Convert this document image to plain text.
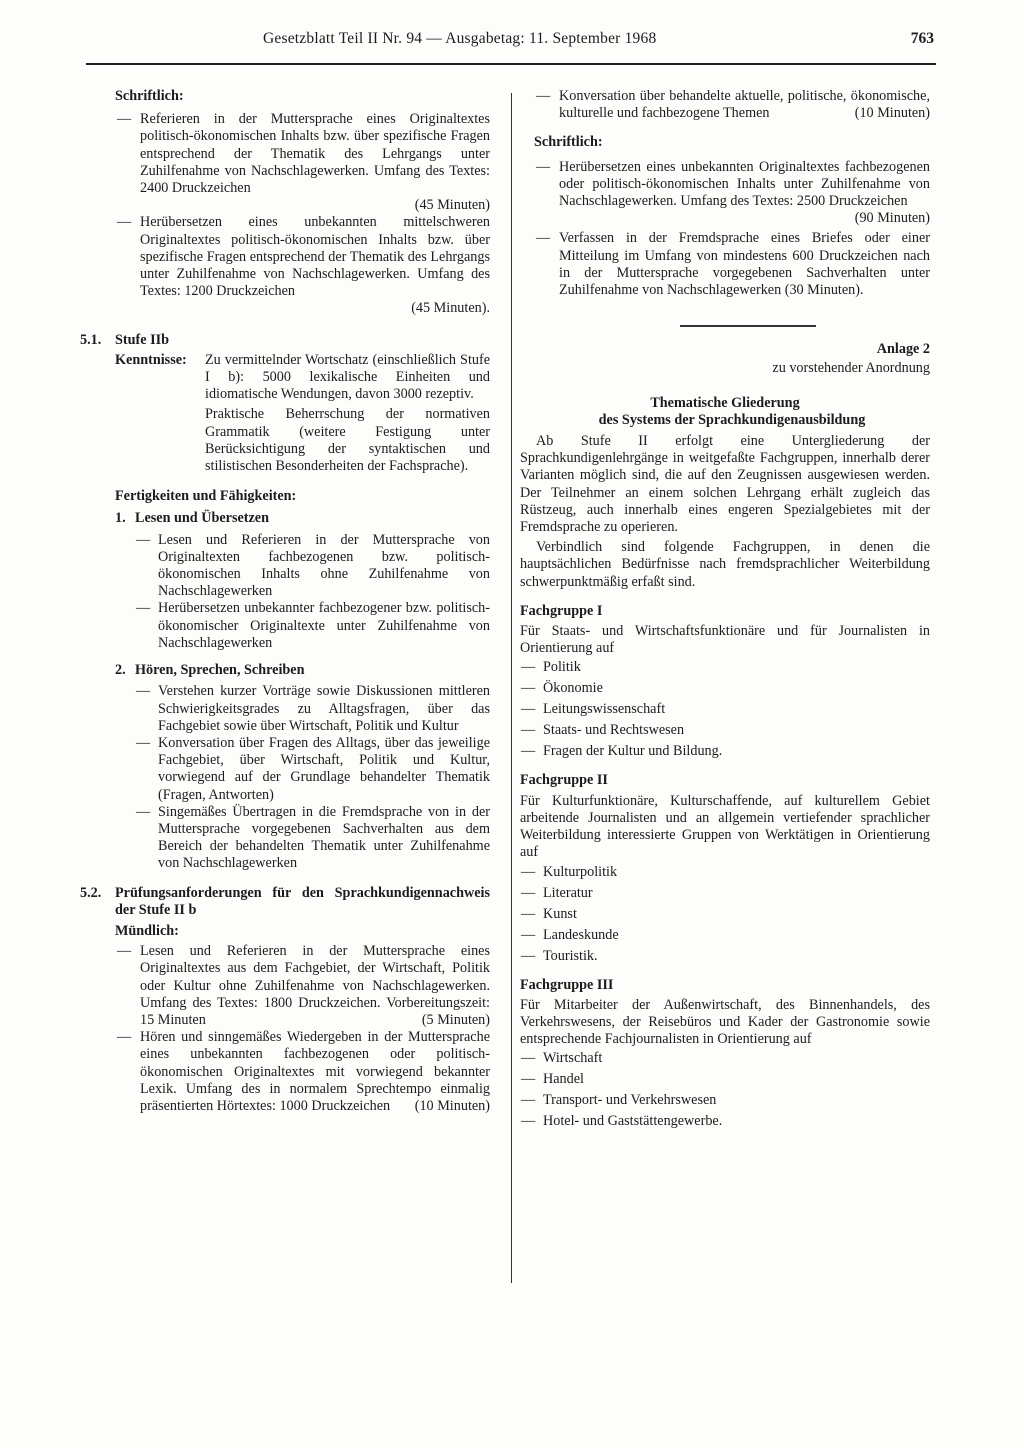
Gesetzblatt Teil II Nr. 94 — Ausgabetag: 11. September 1968	763

Schriftlich:

— Referieren in der Muttersprache eines Originaltextes politisch-ökonomischen Inhalts bzw. über spezifische Fragen entsprechend der Thematik des Lehrgangs unter Zuhilfenahme von Nachschlagewerken. Umfang des Textes: 2400 Druckzeichen
(45 Minuten)
— Herübersetzen eines unbekannten mittelschweren Originaltextes politisch-ökonomischen Inhalts bzw. über spezifische Fragen entsprechend der Thematik des Lehrgangs unter Zuhilfenahme von Nachschlagewerken. Umfang des Textes: 1200 Druckzeichen
(45 Minuten).
5.1. Stufe IIb
Kenntnisse:	Zu vermittelnder Wortschatz (einschließlich Stufe I b): 5000 lexikalische Einheiten und idiomatische Wendungen, davon 3000 rezeptiv.
Praktische Beherrschung der normativen Grammatik (weitere Festigung unter Berücksichtigung der syntaktischen und stilistischen Besonderheiten der Fachsprache).

Fertigkeiten und Fähigkeiten:

1. Lesen und Übersetzen
— Lesen und Referieren in der Muttersprache von Originaltexten fachbezogenen bzw. politisch-ökonomischen Inhalts ohne Zuhilfenahme von Nachschlagewerken
— Herübersetzen unbekannter fachbezogener bzw. politisch-ökonomischer Originaltexte unter Zuhilfenahme von Nachschlagewerken
2. Hören, Sprechen, Schreiben
— Verstehen kurzer Vorträge sowie Diskussionen mittleren Schwierigkeitsgrades zu Alltagsfragen, über das Fachgebiet sowie über Wirtschaft, Politik und Kultur
— Konversation über Fragen des Alltags, über das jeweilige Fachgebiet, über Wirtschaft, Politik und Kultur, vorwiegend auf der Grundlage behandelter Thematik (Fragen, Antworten)
— Singemäßes Übertragen in die Fremdsprache von in der Muttersprache vorgegebenen Sachverhalten aus dem Bereich der behandelten Thematik unter Zuhilfenahme von Nachschlagewerken
5.2. Prüfungsanforderungen für den Sprachkundigennachweis der Stufe II b

Mündlich:

— Lesen und Referieren in der Muttersprache eines Originaltextes aus dem Fachgebiet, der Wirtschaft, Politik oder Kultur ohne Zuhilfenahme von Nachschlagewerken. Umfang des Textes: 1800 Druckzeichen. Vorbereitungszeit: 15 Minuten	(5 Minuten)
— Hören und sinngemäßes Wiedergeben in der Muttersprache eines unbekannten fachbezogenen oder politisch-ökonomischen Originaltextes mit vorwiegend bekannter Lexik. Umfang des in normalem Sprechtempo einmalig präsentierten Hörtextes: 1000 Druckzeichen (10 Minuten)
— Konversation über behandelte aktuelle, politische, ökonomische, kulturelle und fachbezogene Themen	(10 Minuten)

Schriftlich:

— Herübersetzen eines unbekannten Originaltextes fachbezogenen oder politisch-ökonomischen Inhalts unter Zuhilfenahme von Nachschlagewerken. Umfang des Textes: 2500 Druckzeichen
(90 Minuten)
— Verfassen in der Fremdsprache eines Briefes oder einer Mitteilung im Umfang von mindestens 600 Druckzeichen nach in der Muttersprache vorgegebenen Sachverhalten unter Zuhilfenahme von Nachschlagewerken (30 Minuten).
Anlage 2
zu vorstehender Anordnung
Thematische Gliederung
des Systems der Sprachkundigenausbildung
Ab Stufe II erfolgt eine Untergliederung der Sprachkundigenlehrgänge in weitgefaßte Fachgruppen, innerhalb derer Varianten möglich sind, die auf den Zeugnissen ausgewiesen werden. Der Teilnehmer an einem solchen Lehrgang erhält zugleich das Rüstzeug, auch innerhalb eines engeren Spezialgebietes mit der Fremdsprache zu operieren.
Verbindlich sind folgende Fachgruppen, in denen die hauptsächlichen Bedürfnisse nach fremdsprachlicher Weiterbildung schwerpunktmäßig erfaßt sind.

Fachgruppe I

Für Staats- und Wirtschaftsfunktionäre und für Journalisten in Orientierung auf
— Politik
— Ökonomie
— Leitungswissenschaft
— Staats- und Rechtswesen
— Fragen der Kultur und Bildung.

Fachgruppe II

Für Kulturfunktionäre, Kulturschaffende, auf kulturellem Gebiet arbeitende Journalisten und an allgemein vertiefender sprachlicher Weiterbildung interessierte Gruppen von Werktätigen in Orientierung auf
— Kulturpolitik
— Literatur
— Kunst
— Landeskunde
— Touristik.

Fachgruppe III

Für Mitarbeiter der Außenwirtschaft, des Binnenhandels, des Verkehrswesens, der Reisebüros und Kader der Gastronomie sowie entsprechende Fachjournalisten in Orientierung auf
— Wirtschaft
— Handel
— Transport- und Verkehrswesen
— Hotel- und Gaststättengewerbe.
